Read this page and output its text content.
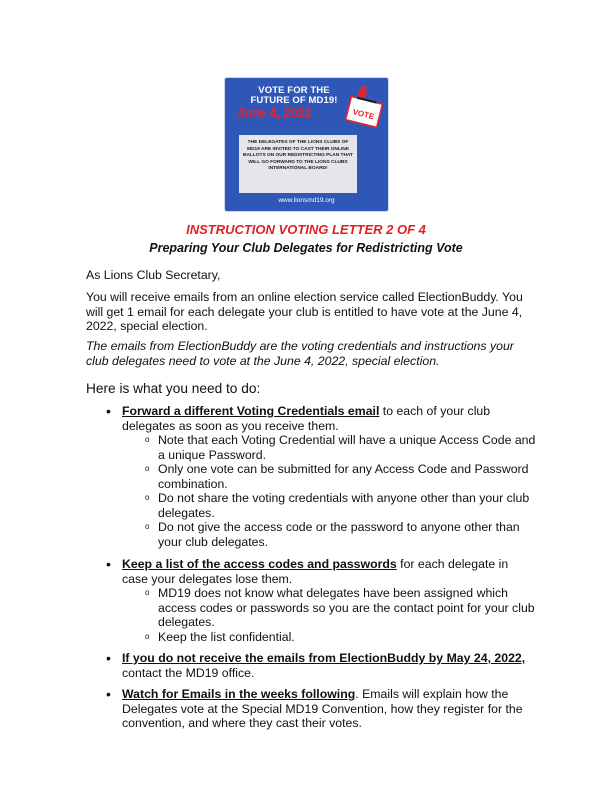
VOTE FOR THE FUTURE OF MD19!
June 4, 2022	VOTE
THE DELEGATES OF THE LIONS CLUBS OF MD19 ARE INVITED TO CAST THEIR ONLINE BALLOTS ON OUR REDISTRICTING PLAN THAT WILL GO FORWARD TO THE LIONS CLUBS INTERNATIONAL BOARD!
www.lionsmd19.org
INSTRUCTION VOTING LETTER 2 OF 4
Preparing Your Club Delegates for Redistricting Vote
As Lions Club Secretary,
You will receive emails from an online election service called ElectionBuddy. You will get 1 email for each delegate your club is entitled to have vote at the June 4, 2022, special election.
The emails from ElectionBuddy are the voting credentials and instructions your club delegates need to vote at the June 4, 2022, special election.
Here is what you need to do:
• Forward a different Voting Credentials email to each of your club delegates as soon as you receive them.
o Note that each Voting Credential will have a unique Access Code and a unique Password.
o Only one vote can be submitted for any Access Code and Password combination.
o Do not share the voting credentials with anyone other than your club delegates.
o Do not give the access code or the password to anyone other than your club delegates.
• Keep a list of the access codes and passwords for each delegate in case your delegates lose them.
o MD19 does not know what delegates have been assigned which access codes or passwords so you are the contact point for your club delegates.
o Keep the list confidential.
• If you do not receive the emails from ElectionBuddy by May 24, 2022, contact the MD19 office.
• Watch for Emails in the weeks following. Emails will explain how the Delegates vote at the Special MD19 Convention, how they register for the convention, and where they cast their votes.
